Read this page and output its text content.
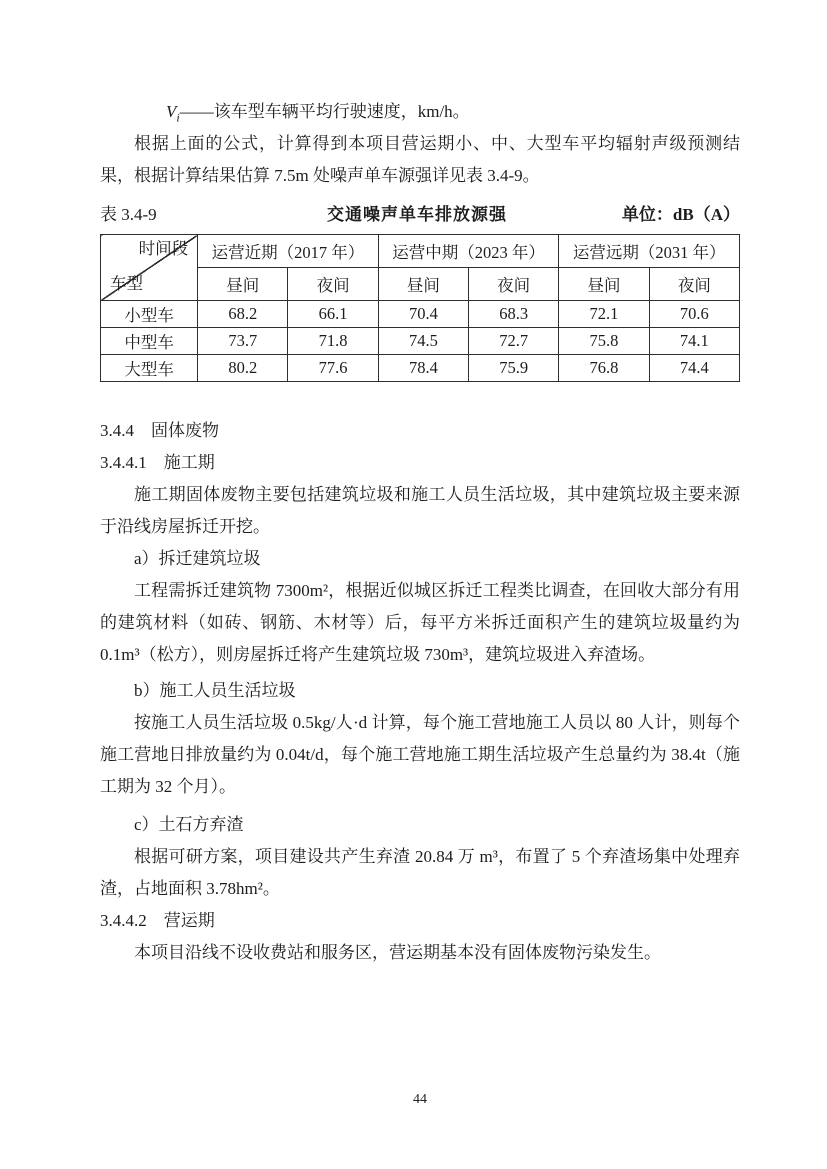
$V_i——$该车型车辆平均行驶速度，km/h。

根据上面的公式，计算得到本项目营运期小、中、大型车平均辐射声级预测结果，根据计算结果估算 7.5m 处噪声单车源强详见表 3.4-9。

表 3.4-9	交通噪声单车排放源强	单位：dB（A）
时间段
车型	运营近期（2017 年）		运营中期（2023 年）		运营远期（2031 年）	
	昼间	夜间	昼间	夜间	昼间	夜间
小型车	68.2	66.1	70.4	68.3	72.1	70.6
中型车	73.7	71.8	74.5	72.7	75.8	74.1
大型车	80.2	77.6	78.4	75.9	76.8	74.4

3.4.4　固体废物

3.4.4.1　施工期

施工期固体废物主要包括建筑垃圾和施工人员生活垃圾，其中建筑垃圾主要来源于沿线房屋拆迁开挖。

a）拆迁建筑垃圾

工程需拆迁建筑物 7300m²，根据近似城区拆迁工程类比调查，在回收大部分有用的建筑材料（如砖、钢筋、木材等）后，每平方米拆迁面积产生的建筑垃圾量约为 0.1m³（松方），则房屋拆迁将产生建筑垃圾 730m³，建筑垃圾进入弃渣场。

b）施工人员生活垃圾

按施工人员生活垃圾 0.5kg/人·d 计算，每个施工营地施工人员以 80 人计，则每个施工营地日排放量约为 0.04t/d，每个施工营地施工期生活垃圾产生总量约为 38.4t（施工期为 32 个月）。

c）土石方弃渣

根据可研方案，项目建设共产生弃渣 20.84 万 m³，布置了 5 个弃渣场集中处理弃渣，占地面积 3.78hm²。

3.4.4.2　营运期

本项目沿线不设收费站和服务区，营运期基本没有固体废物污染发生。

44
